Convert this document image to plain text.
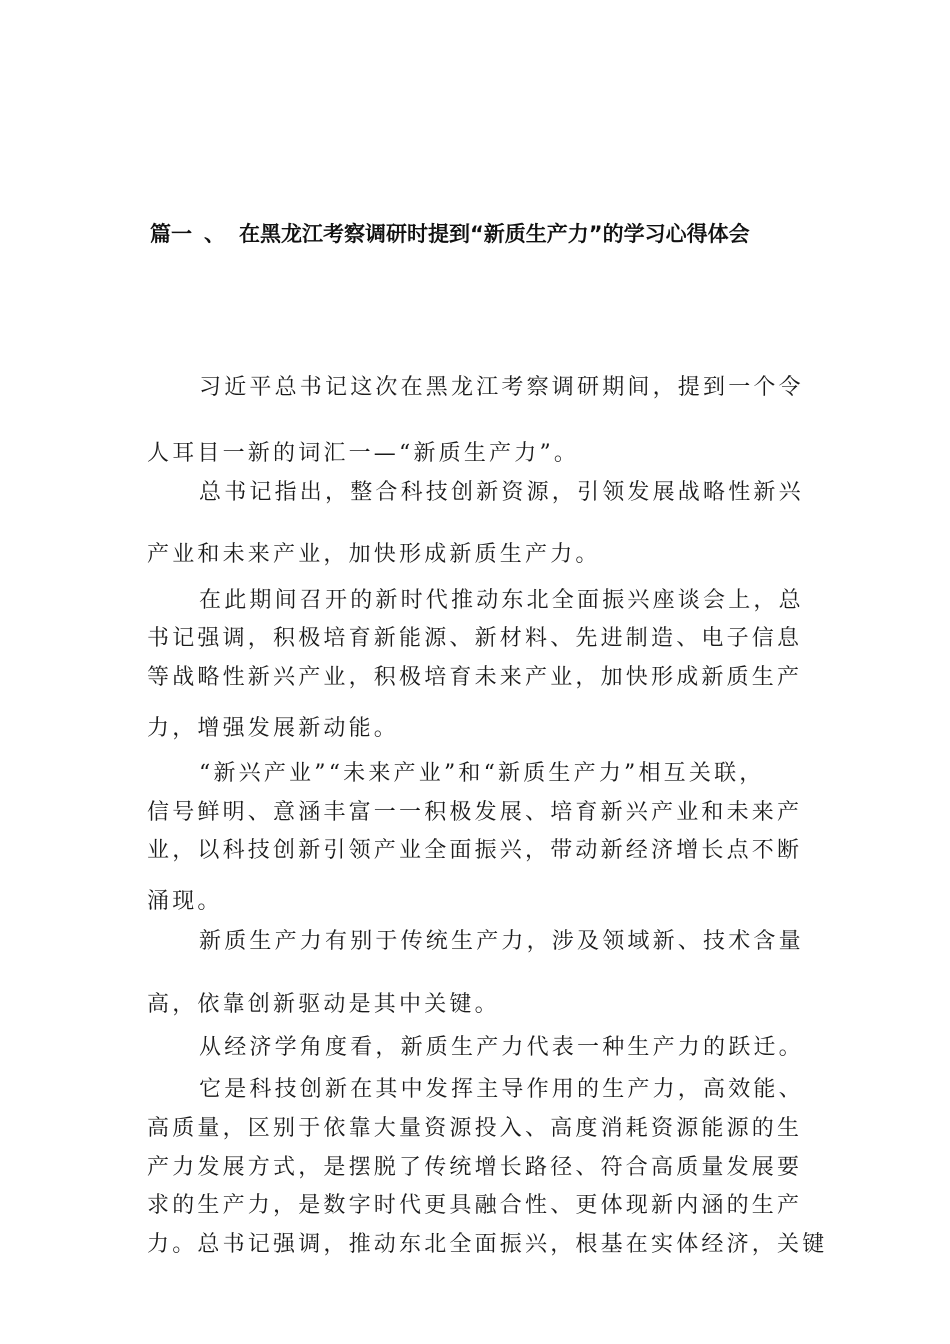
篇一 、 在黑龙江考察调研时提到“新质生产力”的学习心得体会
习近平总书记这次在黑龙江考察调研期间，提到一个令
人耳目一新的词汇一—“新质生产力”。
总书记指出，整合科技创新资源，引领发展战略性新兴
产业和未来产业，加快形成新质生产力。
在此期间召开的新时代推动东北全面振兴座谈会上，总
书记强调，积极培育新能源、新材料、先进制造、电子信息
等战略性新兴产业，积极培育未来产业，加快形成新质生产
力，增强发展新动能。
“新兴产业”“未来产业”和“新质生产力”相互关联，
信号鲜明、意涵丰富一一积极发展、培育新兴产业和未来产
业，以科技创新引领产业全面振兴，带动新经济增长点不断
涌现。
新质生产力有别于传统生产力，涉及领域新、技术含量
高，依靠创新驱动是其中关键。
从经济学角度看，新质生产力代表一种生产力的跃迁。
它是科技创新在其中发挥主导作用的生产力，高效能、
高质量，区别于依靠大量资源投入、高度消耗资源能源的生
产力发展方式，是摆脱了传统增长路径、符合高质量发展要
求的生产力，是数字时代更具融合性、更体现新内涵的生产
力。总书记强调，推动东北全面振兴，根基在实体经济，关键
